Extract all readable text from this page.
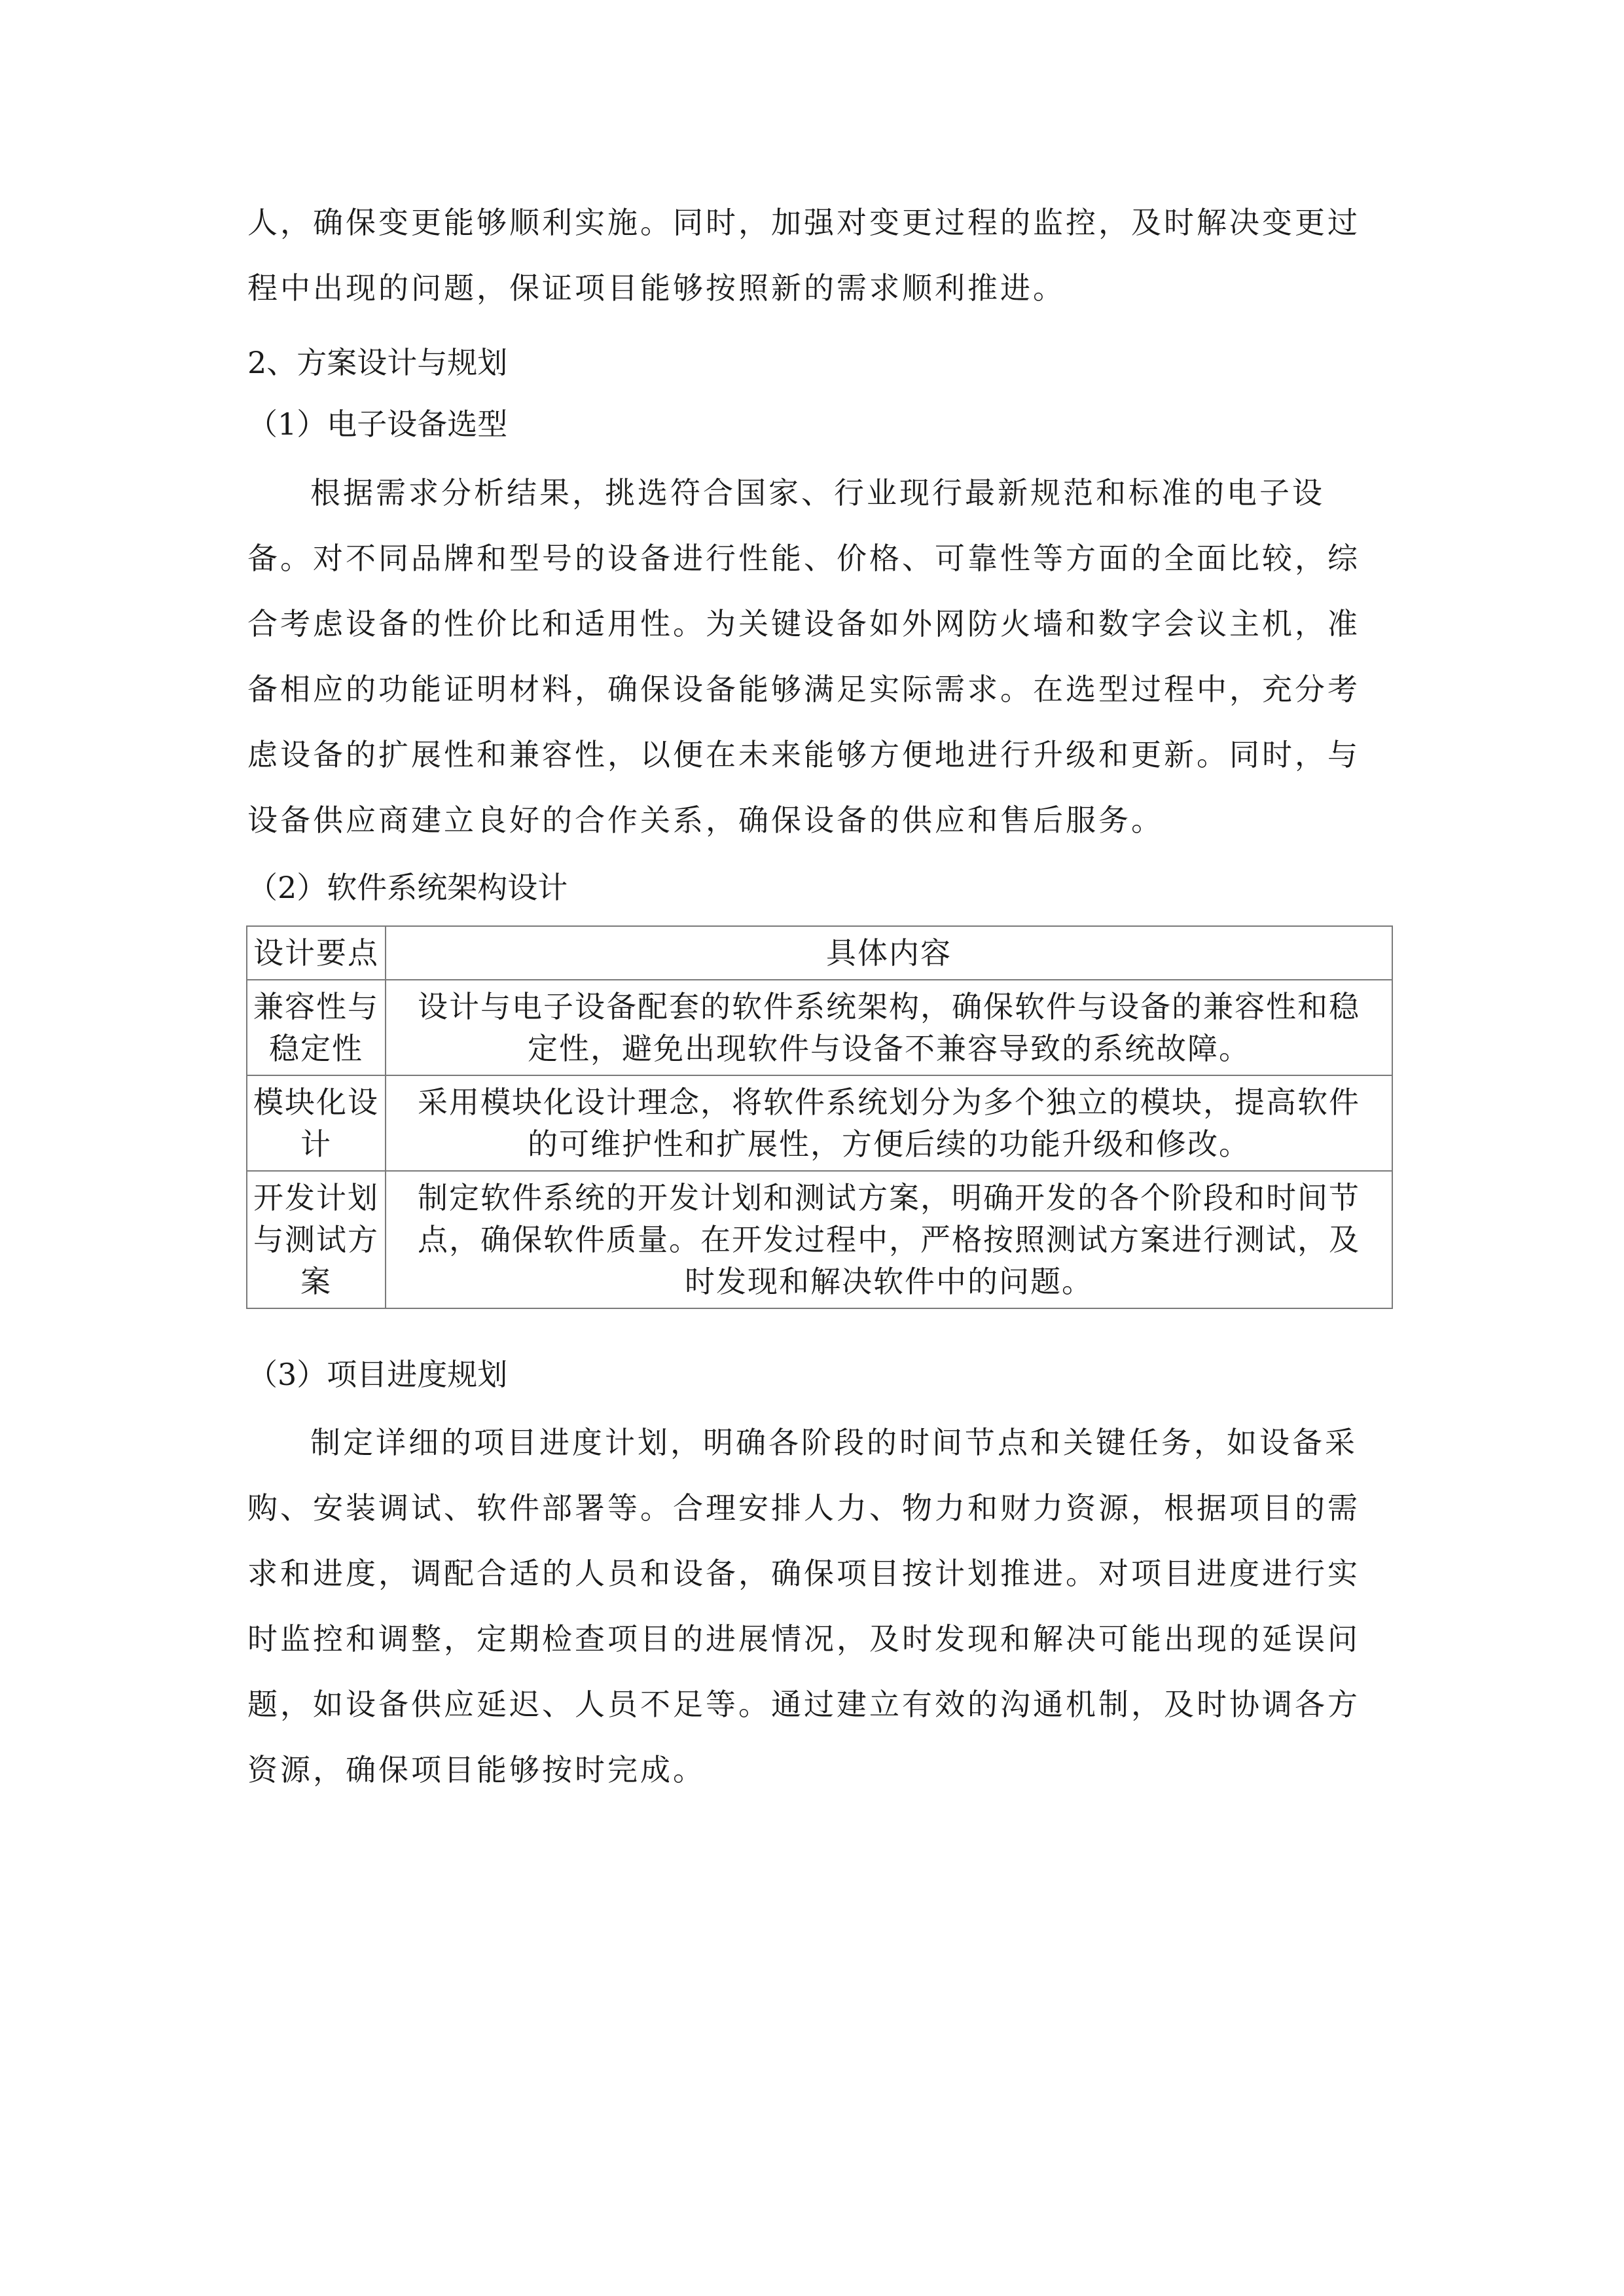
人，确保变更能够顺利实施。同时，加强对变更过程的监控，及时解决变更过
程中出现的问题，保证项目能够按照新的需求顺利推进。
2、方案设计与规划
（1）电子设备选型
根据需求分析结果，挑选符合国家、行业现行最新规范和标准的电子设
备。对不同品牌和型号的设备进行性能、价格、可靠性等方面的全面比较，综
合考虑设备的性价比和适用性。为关键设备如外网防火墙和数字会议主机，准
备相应的功能证明材料，确保设备能够满足实际需求。在选型过程中，充分考
虑设备的扩展性和兼容性，以便在未来能够方便地进行升级和更新。同时，与
设备供应商建立良好的合作关系，确保设备的供应和售后服务。
（2）软件系统架构设计
设计要点	具体内容

兼容性与
稳定性	设计与电子设备配套的软件系统架构，确保软件与设备的兼容性和稳
定性，避免出现软件与设备不兼容导致的系统故障。

模块化设
计	采用模块化设计理念，将软件系统划分为多个独立的模块，提高软件
的可维护性和扩展性，方便后续的功能升级和修改。

开发计划
与测试方
案	制定软件系统的开发计划和测试方案，明确开发的各个阶段和时间节
点，确保软件质量。在开发过程中，严格按照测试方案进行测试，及
时发现和解决软件中的问题。
（3）项目进度规划
制定详细的项目进度计划，明确各阶段的时间节点和关键任务，如设备采
购、安装调试、软件部署等。合理安排人力、物力和财力资源，根据项目的需
求和进度，调配合适的人员和设备，确保项目按计划推进。对项目进度进行实
时监控和调整，定期检查项目的进展情况，及时发现和解决可能出现的延误问
题，如设备供应延迟、人员不足等。通过建立有效的沟通机制，及时协调各方
资源，确保项目能够按时完成。
